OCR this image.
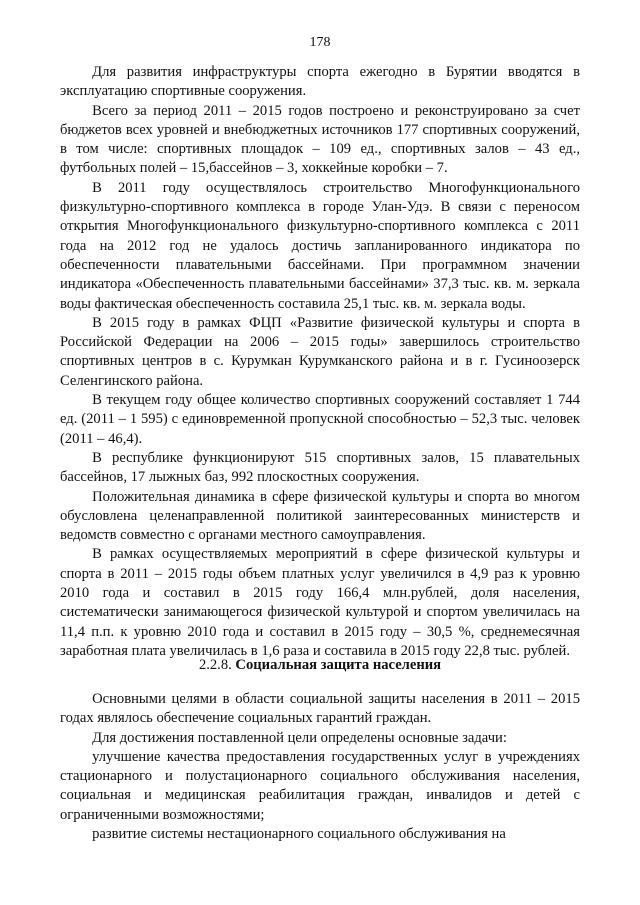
178

Для развития инфраструктуры спорта ежегодно в Бурятии вводятся в эксплуатацию спортивные сооружения.

Всего за период 2011 – 2015 годов построено и реконструировано за счет бюджетов всех уровней и внебюджетных источников 177 спортивных сооружений, в том числе: спортивных площадок – 109 ед., спортивных залов – 43 ед., футбольных полей – 15,бассейнов – 3, хоккейные коробки – 7.

В 2011 году осуществлялось строительство Многофункционального физкультурно-спортивного комплекса в городе Улан-Удэ. В связи с переносом открытия Многофункционального физкультурно-спортивного комплекса с 2011 года на 2012 год не удалось достичь запланированного индикатора по обеспеченности плавательными бассейнами. При программном значении индикатора «Обеспеченность плавательными бассейнами» 37,3 тыс. кв. м. зеркала воды фактическая обеспеченность составила 25,1 тыс. кв. м. зеркала воды.

В 2015 году в рамках ФЦП «Развитие физической культуры и спорта в Российской Федерации на 2006 – 2015 годы» завершилось строительство спортивных центров в с. Курумкан Курумканского района и в г. Гусиноозерск Селенгинского района.

В текущем году общее количество спортивных сооружений составляет 1 744 ед. (2011 – 1 595) с единовременной пропускной способностью – 52,3 тыс. человек (2011 – 46,4).

В республике функционируют 515 спортивных залов, 15 плавательных бассейнов, 17 лыжных баз, 992 плоскостных сооружения.

Положительная динамика в сфере физической культуры и спорта во многом обусловлена целенаправленной политикой заинтересованных министерств и ведомств совместно с органами местного самоуправления.

В рамках осуществляемых мероприятий в сфере физической культуры и спорта в 2011 – 2015 годы объем платных услуг увеличился в 4,9 раз к уровню 2010 года и составил в 2015 году 166,4 млн.рублей, доля населения, систематически занимающегося физической культурой и спортом увеличилась на 11,4 п.п. к уровню 2010 года и составил в 2015 году – 30,5 %, среднемесячная заработная плата увеличилась в 1,6 раза и составила в 2015 году 22,8 тыс. рублей.

2.2.8. Социальная защита населения

Основными целями в области социальной защиты населения в 2011 – 2015 годах являлось обеспечение социальных гарантий граждан.

Для достижения поставленной цели определены основные задачи:

улучшение качества предоставления государственных услуг в учреждениях стационарного и полустационарного социального обслуживания населения, социальная и медицинская реабилитация граждан, инвалидов и детей с ограниченными возможностями;

развитие системы нестационарного социального обслуживания на
